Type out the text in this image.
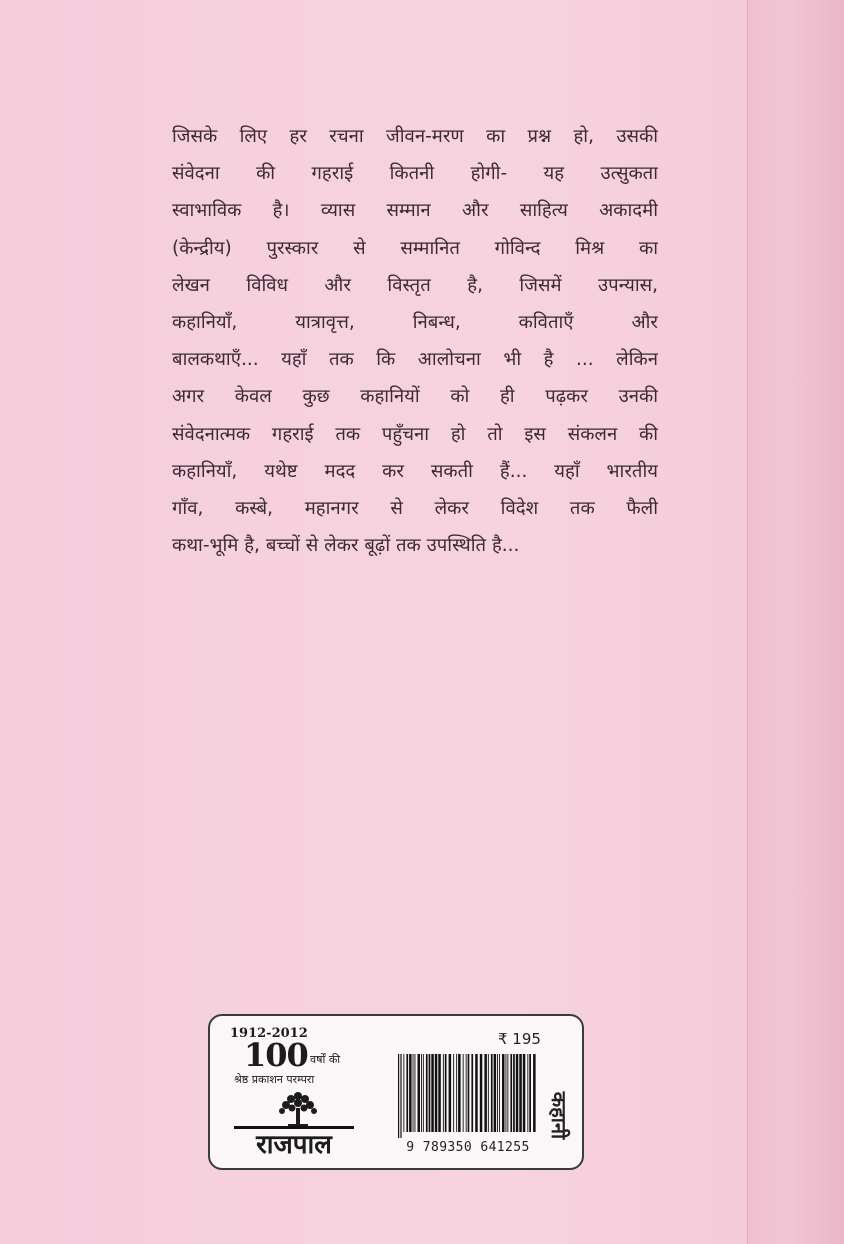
जिसके लिए हर रचना जीवन-मरण का प्रश्न हो, उसकी
संवेदना की गहराई कितनी होगी- यह उत्सुकता
स्वाभाविक है। व्यास सम्मान और साहित्य अकादमी
(केन्द्रीय) पुरस्कार से सम्मानित गोविन्द मिश्र का
लेखन विविध और विस्तृत है, जिसमें उपन्यास,
कहानियाँ, यात्रावृत्त, निबन्ध, कविताएँ और
बालकथाएँ... यहाँ तक कि आलोचना भी है ... लेकिन
अगर केवल कुछ कहानियों को ही पढ़कर उनकी
संवेदनात्मक गहराई तक पहुँचना हो तो इस संकलन की
कहानियाँ, यथेष्ट मदद कर सकती हैं... यहाँ भारतीय
गाँव, कस्बे, महानगर से लेकर विदेश तक फैली
कथा-भूमि है, बच्चों से लेकर बूढ़ों तक उपस्थिति है...
1912-2012
100 वर्षों की
श्रेष्ठ प्रकाशन परम्परा
राजपाल
₹ 195
9 789350 641255
कहानी
